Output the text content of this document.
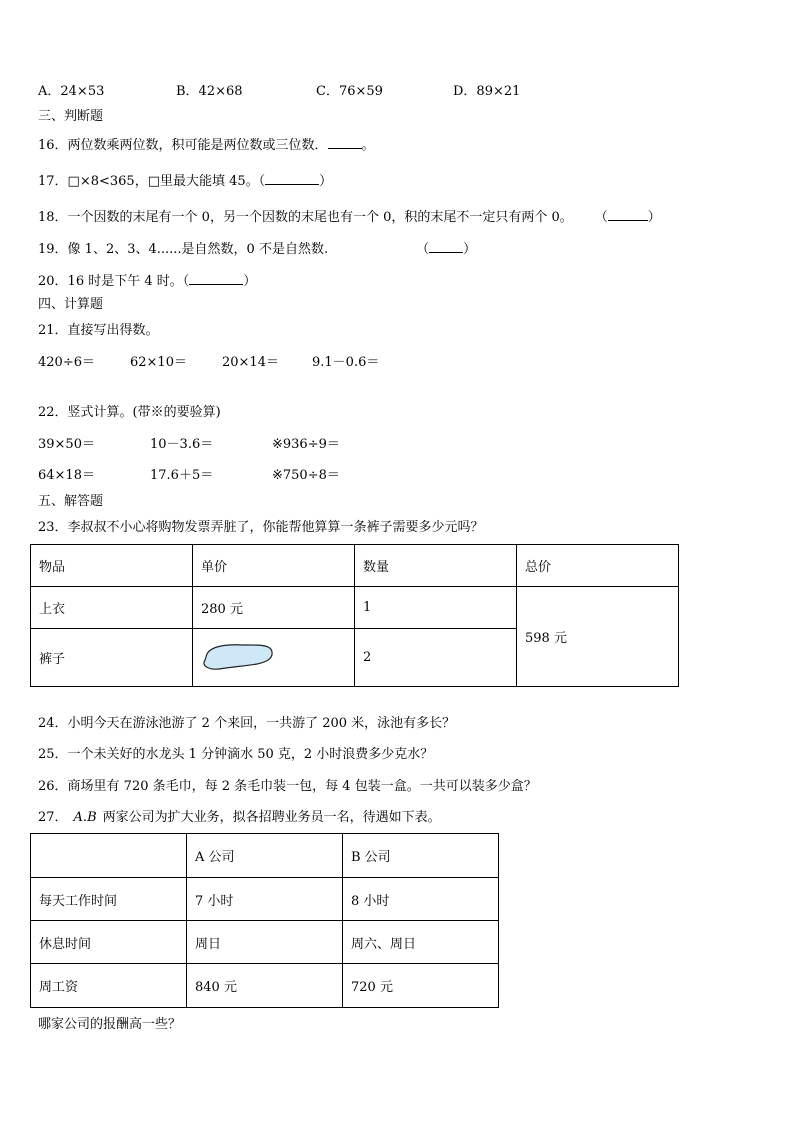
A．24×53	B．42×68	C．76×59	D．89×21
三、判断题
16．两位数乘两位数，积可能是两位数或三位数．	。
17．□×8<365，□里最大能填 45。（	）
18．一个因数的末尾有一个 0，另一个因数的末尾也有一个 0，积的末尾不一定只有两个 0。 （	）
19．像 1、2、3、4......是自然数，0 不是自然数.	（	）
20．16 时是下午 4 时。（	）
四、计算题
21．直接写出得数。
420÷6＝	62×10＝	20×14＝	9.1－0.6＝
22．竖式计算。(带※的要验算)
39×50＝	10－3.6＝	※936÷9＝
64×18＝	17.6＋5＝	※750÷8＝
五、解答题
23．李叔叔不小心将购物发票弄脏了，你能帮他算算一条裤子需要多少元吗？
物品	单价	数量	总价
上衣	280 元	1	598 元
裤子		2	
24．小明今天在游泳池游了 2 个来回，一共游了 200 米，泳池有多长？
25．一个未关好的水龙头 1 分钟滴水 50 克，2 小时浪费多少克水？
26．商场里有 720 条毛巾，每 2 条毛巾装一包，每 4 包装一盒。一共可以装多少盒？
27． A.B 两家公司为扩大业务，拟各招聘业务员一名，待遇如下表。
	A 公司	B 公司
每天工作时间	7 小时	8 小时
休息时间	周日	周六、周日
周工资	840 元	720 元
哪家公司的报酬高一些？
